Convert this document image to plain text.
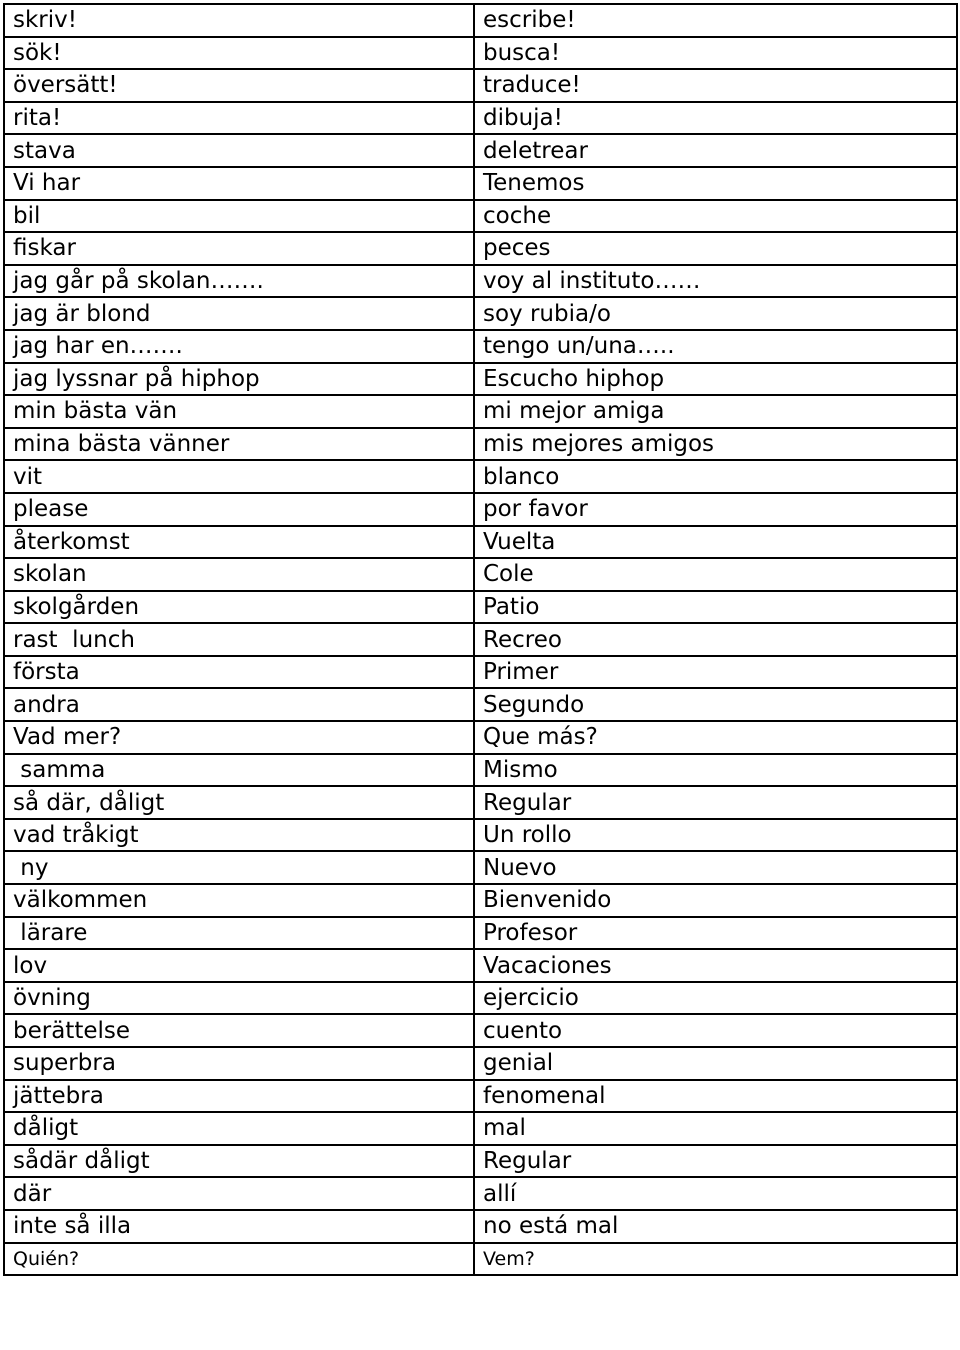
skriv!	escribe!
sök!	busca!
översätt!	traduce!
rita!	dibuja!
stava	deletrear
Vi har	Tenemos
bil	coche
fiskar	peces
jag går på skolan…….	voy al instituto……
jag är blond	soy rubia/o
jag har en…….	tengo un/una…..
jag lyssnar på hiphop	Escucho hiphop
min bästa vän	mi mejor amiga
mina bästa vänner	mis mejores amigos
vit	blanco
please	por favor
återkomst	Vuelta
skolan	Cole
skolgården	Patio
rast  lunch	Recreo
första	Primer
andra	Segundo
Vad mer?	Que más?
samma	Mismo
så där, dåligt	Regular
vad tråkigt	Un rollo
ny	Nuevo
välkommen	Bienvenido
lärare	Profesor
lov	Vacaciones
övning	ejercicio
berättelse	cuento
superbra	genial
jättebra	fenomenal
dåligt	mal
sådär dåligt	Regular
där	allí
inte så illa	no está mal
Quién?	Vem?
